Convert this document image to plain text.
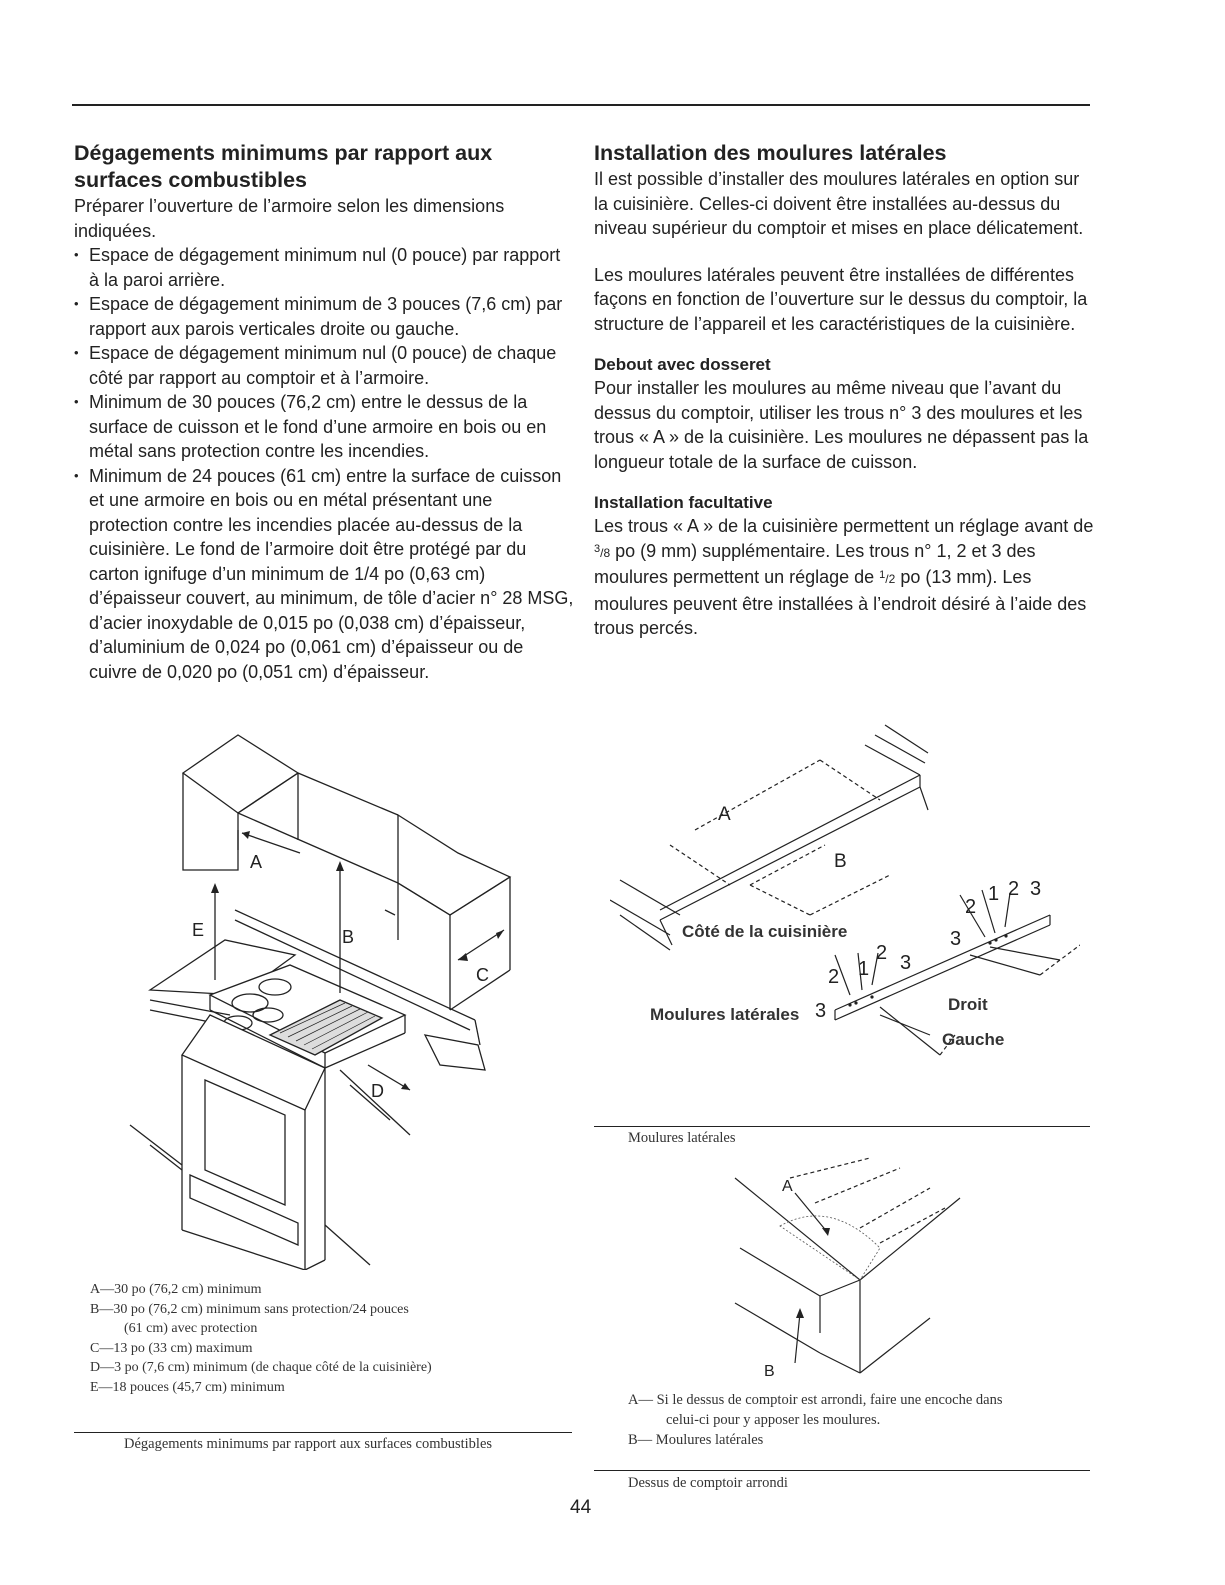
Dégagements minimums par rapport aux surfaces combustibles

Préparer l’ouverture de l’armoire selon les dimensions indiquées.

• Espace de dégagement minimum nul (0 pouce) par rapport à la paroi arrière.
• Espace de dégagement minimum de 3 pouces (7,6 cm) par rapport aux parois verticales droite ou gauche.
• Espace de dégagement minimum nul (0 pouce) de chaque côté par rapport au comptoir et à l’armoire.
• Minimum de 30 pouces (76,2 cm) entre le dessus de la surface de cuisson et le fond d’une armoire en bois ou en métal sans protection contre les incendies.
• Minimum de 24 pouces (61 cm) entre la surface de cuisson et une armoire en bois ou en métal présentant une protection contre les incendies placée au-dessus de la cuisinière. Le fond de l’armoire doit être protégé par du carton ignifuge d’un minimum de 1/4 po (0,63 cm) d’épaisseur couvert, au minimum, de tôle d’acier n° 28 MSG, d’acier inoxydable de 0,015 po (0,038 cm) d’épaisseur, d’aluminium de 0,024 po (0,061 cm) d’épaisseur ou de cuivre de 0,020 po (0,051 cm) d’épaisseur.
A
B
C
D
E
A—30 po (76,2 cm) minimum
B—30 po (76,2 cm) minimum sans protection/24 pouces
(61 cm) avec protection
C—13 po (33 cm) maximum
D—3 po (7,6 cm) minimum (de chaque côté de la cuisinière)
E—18 pouces (45,7 cm) minimum
Dégagements minimums par rapport aux surfaces combustibles
Installation des moulures latérales

Il est possible d’installer des moulures latérales en option sur la cuisinière. Celles-ci doivent être installées au-dessus du niveau supérieur du comptoir et mises en place délicatement.

Les moulures latérales peuvent être installées de différentes façons en fonction de l’ouverture sur le dessus du comptoir, la structure de l’appareil et les caractéristiques de la cuisinière.

Debout avec dosseret

Pour installer les moulures au même niveau que l’avant du dessus du comptoir, utiliser les trous n° 3 des moulures et les trous « A » de la cuisinière. Les moulures ne dépassent pas la longueur totale de la surface de cuisson.

Installation facultative

Les trous « A » de la cuisinière permettent un réglage avant de $^3$/8 po (9 mm) supplémentaire. Les trous n° 1, 2 et 3 des moulures permettent un réglage de $^1$/2 po (13 mm). Les moulures peuvent être installées à l’endroit désiré à l’aide des trous percés.

A
B
Côté de la cuisinière
Moulures latérales
Droit
Gauche
2 1
2 3
3
2
1 2 3
3
Moulures latérales
A
B
A— Si le dessus de comptoir est arrondi, faire une encoche dans
celui-ci pour y apposer les moulures.
B— Moulures latérales
Dessus de comptoir arrondi
44
